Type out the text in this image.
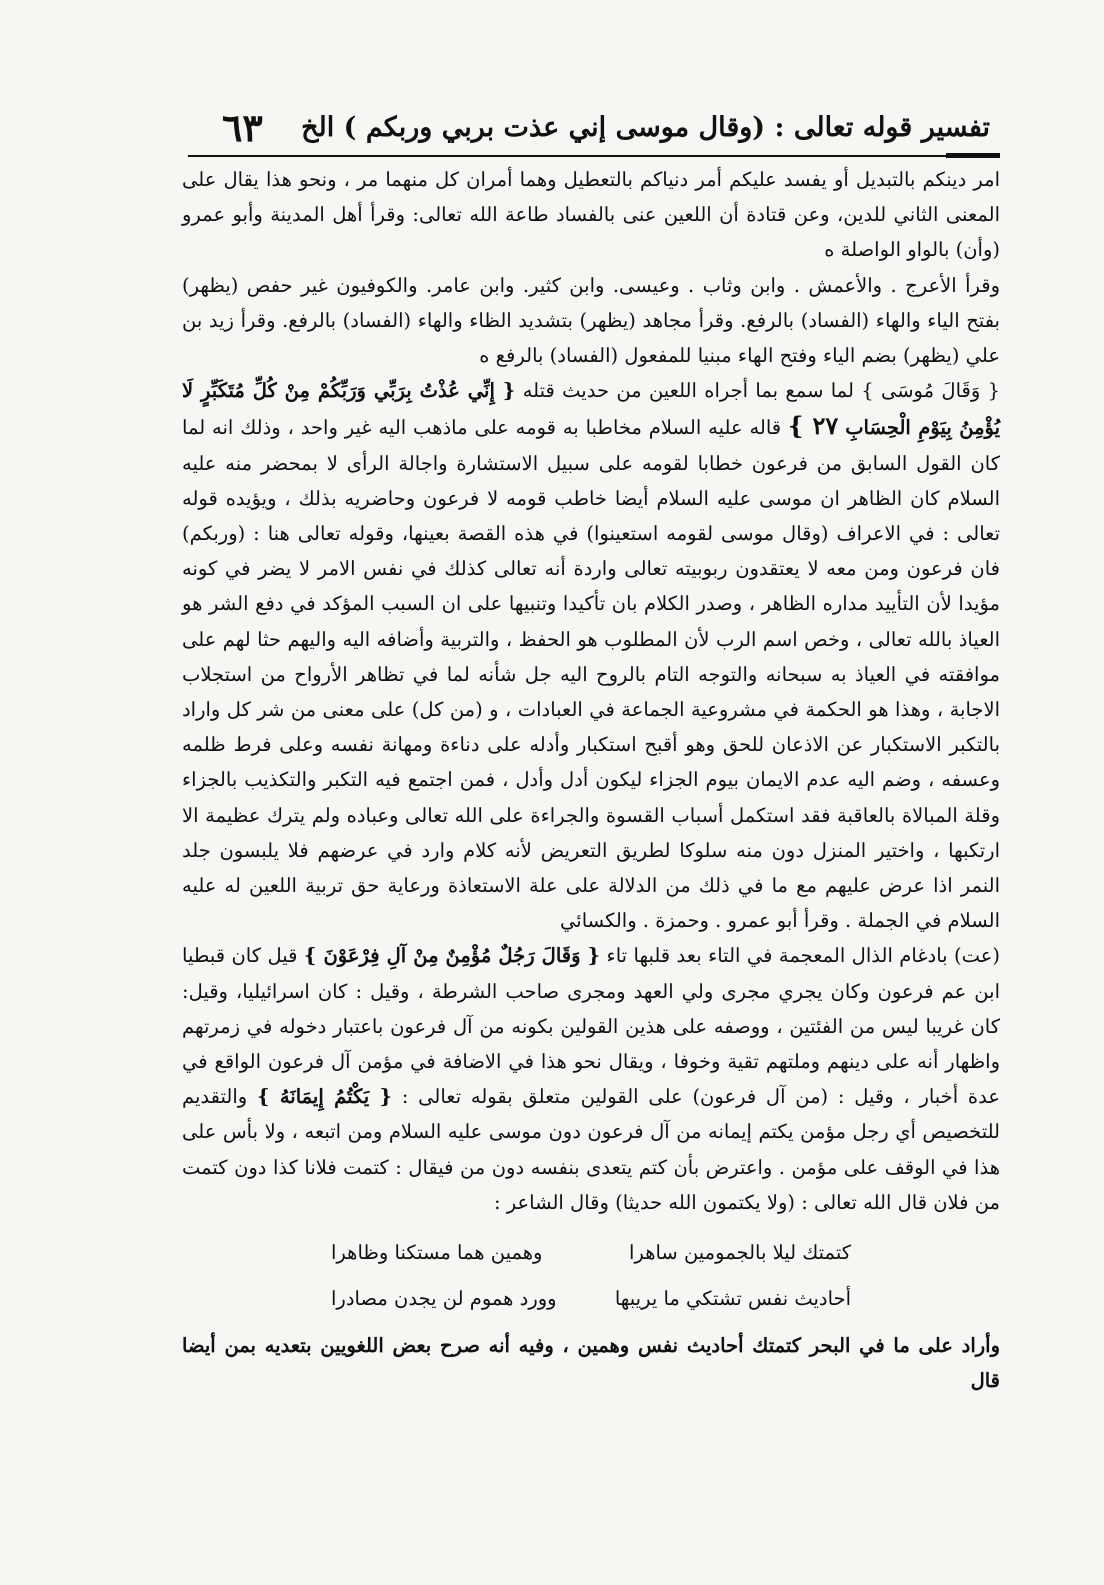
تفسير قوله تعالى : (وقال موسى إني عذت بربي وربكم ) الخ
٦٣

امر دينكم بالتبديل أو يفسد عليكم أمر دنياكم بالتعطيل وهما أمران كل منهما مر ، ونحو هذا يقال على المعنى الثاني للدين، وعن قتادة أن اللعين عنى بالفساد طاعة الله تعالى: وقرأ أهل المدينة وأبو عمرو (وأن) بالواو الواصلة ه

وقرأ الأعرج . والأعمش . وابن وثاب . وعيسى. وابن كثير. وابن عامر. والكوفيون غير حفص (يظهر) بفتح الياء والهاء (الفساد) بالرفع. وقرأ مجاهد (يظهر) بتشديد الظاء والهاء (الفساد) بالرفع. وقرأ زيد بن علي (يظهر) بضم الياء وفتح الهاء مبنيا للمفعول (الفساد) بالرفع ه

{ وَقَالَ مُوسَى } لما سمع بما أجراه اللعين من حديث قتله { إِنِّي عُذْتُ بِرَبِّي وَرَبِّكُمْ مِنْ كُلِّ مُتَكَبِّرٍ لَا يُؤْمِنُ بِيَوْمِ الْحِسَابِ ٢٧ } قاله عليه السلام مخاطبا به قومه على ماذهب اليه غير واحد ، وذلك انه لما كان القول السابق من فرعون خطابا لقومه على سبيل الاستشارة واجالة الرأى لا بمحضر منه عليه السلام كان الظاهر ان موسى عليه السلام أيضا خاطب قومه لا فرعون وحاضريه بذلك ، ويؤيده قوله تعالى : في الاعراف (وقال موسى لقومه استعينوا) في هذه القصة بعينها، وقوله تعالى هنا : (وربكم) فان فرعون ومن معه لا يعتقدون ربوبيته تعالى واردة أنه تعالى كذلك في نفس الامر لا يضر في كونه مؤيدا لأن التأييد مداره الظاهر ، وصدر الكلام بان تأكيدا وتنبيها على ان السبب المؤكد في دفع الشر هو العياذ بالله تعالى ، وخص اسم الرب لأن المطلوب هو الحفظ ، والتربية وأضافه اليه واليهم حثا لهم على موافقته في العياذ به سبحانه والتوجه التام بالروح اليه جل شأنه لما في تظاهر الأرواح من استجلاب الاجابة ، وهذا هو الحكمة في مشروعية الجماعة في العبادات ، و (من كل) على معنى من شر كل واراد بالتكبر الاستكبار عن الاذعان للحق وهو أقبح استكبار وأدله على دناءة ومهانة نفسه وعلى فرط ظلمه وعسفه ، وضم اليه عدم الايمان بيوم الجزاء ليكون أدل وأدل ، فمن اجتمع فيه التكبر والتكذيب بالجزاء وقلة المبالاة بالعاقبة فقد استكمل أسباب القسوة والجراءة على الله تعالى وعباده ولم يترك عظيمة الا ارتكبها ، واختير المنزل دون منه سلوكا لطريق التعريض لأنه كلام وارد في عرضهم فلا يلبسون جلد النمر اذا عرض عليهم مع ما في ذلك من الدلالة على علة الاستعاذة ورعاية حق تربية اللعين له عليه السلام في الجملة . وقرأ أبو عمرو . وحمزة . والكسائي

(عت) بادغام الذال المعجمة في التاء بعد قلبها تاء { وَقَالَ رَجُلٌ مُؤْمِنٌ مِنْ آلِ فِرْعَوْنَ } قيل كان قبطيا ابن عم فرعون وكان يجري مجرى ولي العهد ومجرى صاحب الشرطة ، وقيل : كان اسرائيليا، وقيل: كان غريبا ليس من الفئتين ، ووصفه على هذين القولين بكونه من آل فرعون باعتبار دخوله في زمرتهم واظهار أنه على دينهم وملتهم تقية وخوفا ، ويقال نحو هذا في الاضافة في مؤمن آل فرعون الواقع في عدة أخبار ، وقيل : (من آل فرعون) على القولين متعلق بقوله تعالى : { يَكْتُمُ إِيمَانَهُ } والتقديم للتخصيص أي رجل مؤمن يكتم إيمانه من آل فرعون دون موسى عليه السلام ومن اتبعه ، ولا بأس على هذا في الوقف على مؤمن . واعترض بأن كتم يتعدى بنفسه دون من فيقال : كتمت فلانا كذا دون كتمت من فلان قال الله تعالى : (ولا يكتمون الله حديثا) وقال الشاعر :

كتمتك ليلا بالجمومين ساهرا
وهمين هما مستكنا وظاهرا
أحاديث نفس تشتكي ما يريبها
وورد هموم لن يجدن مصادرا

وأراد على ما في البحر كتمتك أحاديث نفس وهمين ، وفيه أنه صرح بعض اللغويين بتعديه بمن أيضا قال
